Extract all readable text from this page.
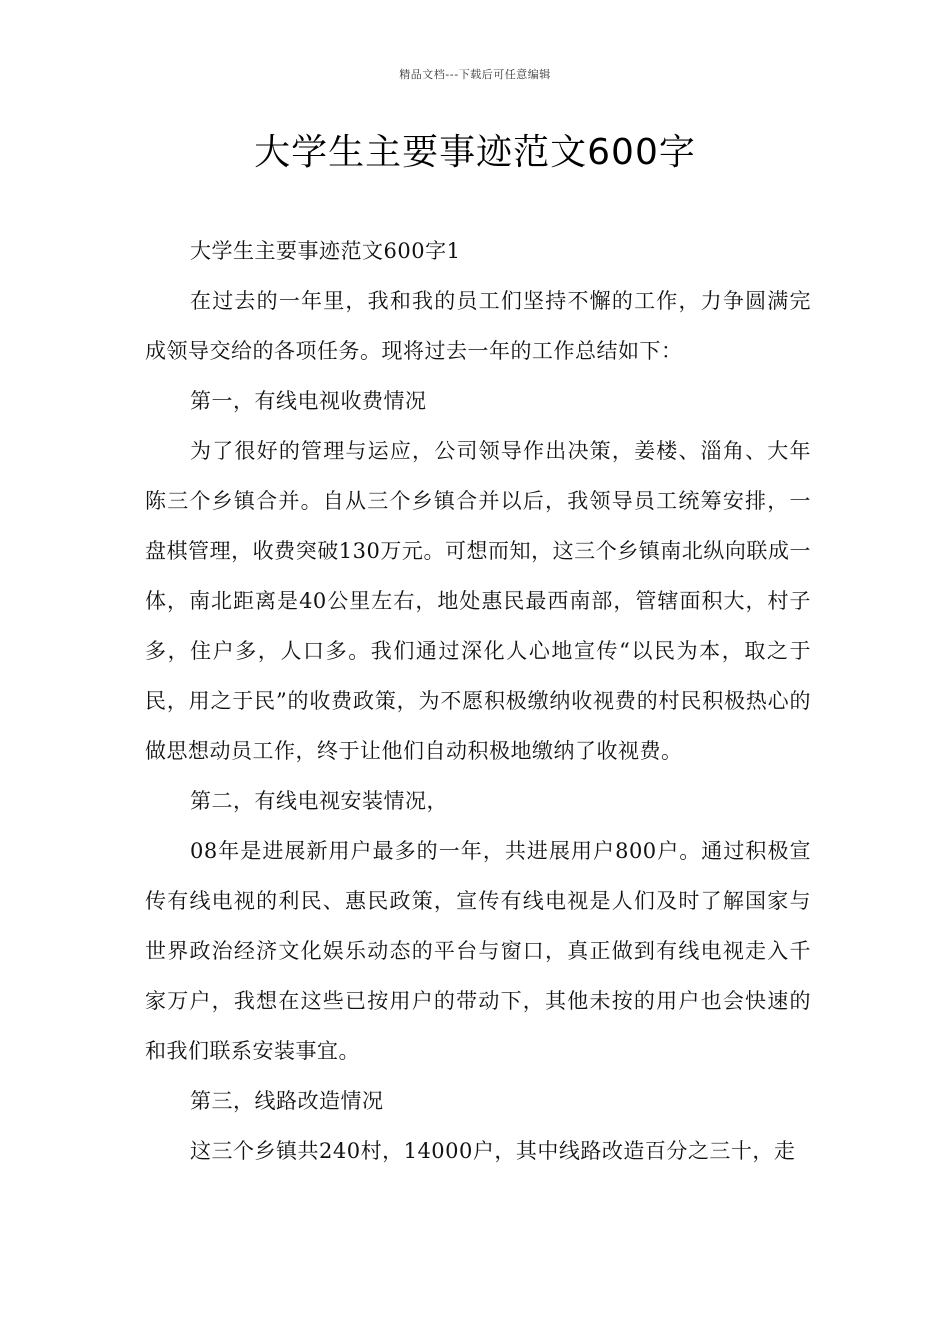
精品文档---下载后可任意编辑
大学生主要事迹范文600字

大学生主要事迹范文600字1

在过去的一年里，我和我的员工们坚持不懈的工作，力争圆满完成领导交给的各项任务。现将过去一年的工作总结如下：

第一，有线电视收费情况

为了很好的管理与运应，公司领导作出决策，姜楼、淄角、大年陈三个乡镇合并。自从三个乡镇合并以后，我领导员工统筹安排，一盘棋管理，收费突破130万元。可想而知，这三个乡镇南北纵向联成一体，南北距离是40公里左右，地处惠民最西南部，管辖面积大，村子多，住户多，人口多。我们通过深化人心地宣传“以民为本，取之于民，用之于民”的收费政策，为不愿积极缴纳收视费的村民积极热心的做思想动员工作，终于让他们自动积极地缴纳了收视费。

第二，有线电视安装情况，

08年是进展新用户最多的一年，共进展用户800户。通过积极宣传有线电视的利民、惠民政策，宣传有线电视是人们及时了解国家与世界政治经济文化娱乐动态的平台与窗口，真正做到有线电视走入千家万户，我想在这些已按用户的带动下，其他未按的用户也会快速的和我们联系安装事宜。

第三，线路改造情况

这三个乡镇共240村，14000户，其中线路改造百分之三十，走
